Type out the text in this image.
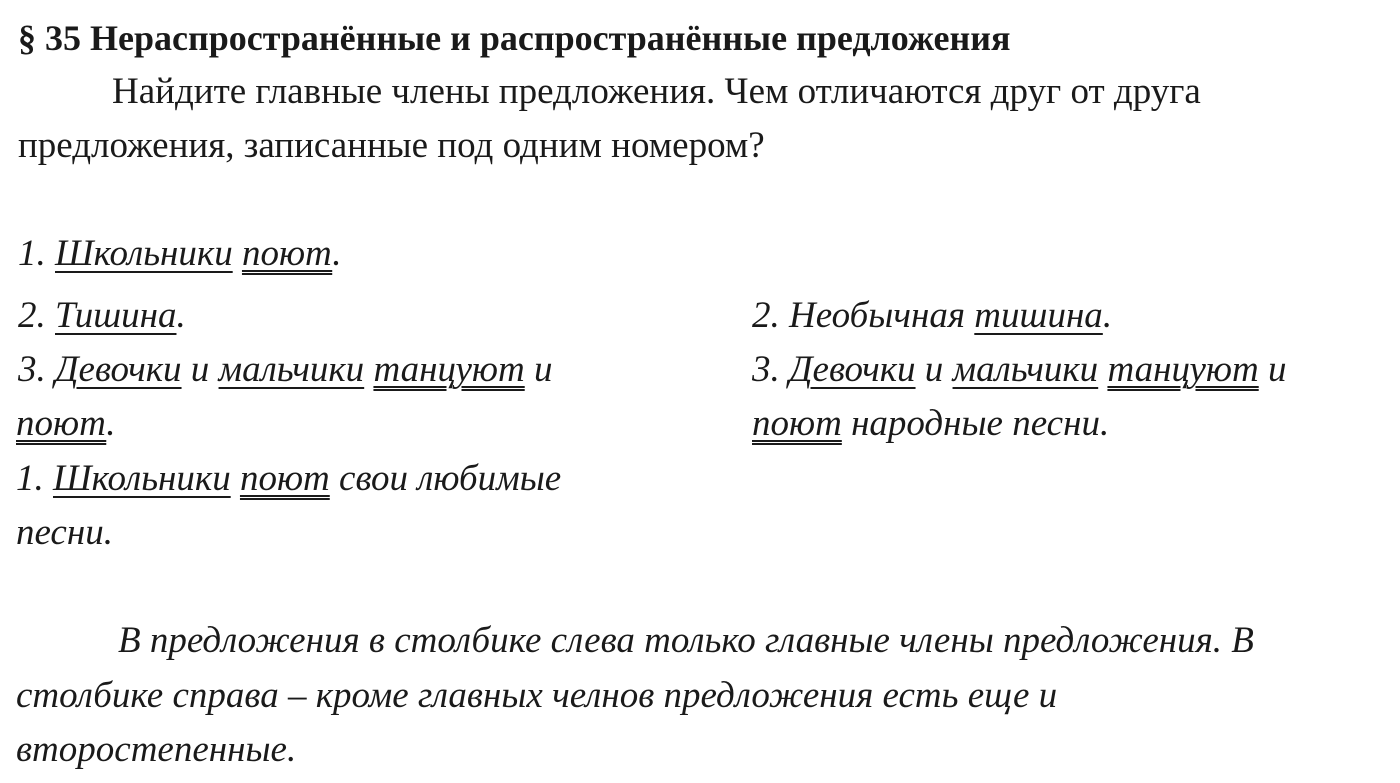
§ 35 Нераспространённые и распространённые предложения
Найдите главные члены предложения. Чем отличаются друг от друга
предложения, записанные под одним номером?
1. Школьники поют.
2. Тишина.
3. Девочки и мальчики танцуют и
поют.
1. Школьники поют свои любимые
песни.
2. Необычная тишина.
3. Девочки и мальчики танцуют и
поют народные песни.
В предложения в столбике слева только главные члены предложения. В
столбике справа – кроме главных челнов предложения есть еще и
второстепенные.
